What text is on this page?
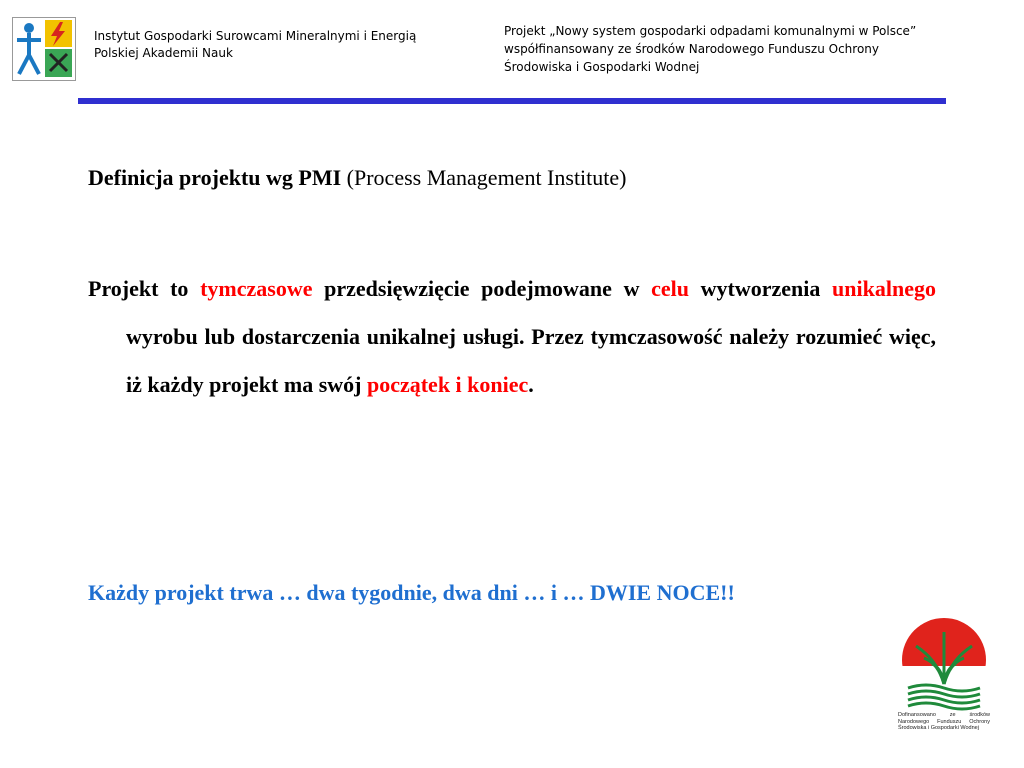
Instytut Gospodarki Surowcami Mineralnymi i Energią
Polskiej Akademii Nauk
Projekt „Nowy system gospodarki odpadami komunalnymi w Polsce”
współfinansowany ze środków Narodowego Funduszu Ochrony
Środowiska i Gospodarki Wodnej
Definicja projektu wg PMI (Process Management Institute)
Projekt to tymczasowe przedsięwzięcie podejmowane w celu wytworzenia unikalnego wyrobu lub dostarczenia unikalnej usługi. Przez tymczasowość należy rozumieć więc, iż każdy projekt ma swój początek i koniec.
Każdy projekt trwa … dwa tygodnie, dwa dni … i … DWIE NOCE!!
Dofinansowano ze środków Narodowego Funduszu Ochrony Środowiska i Gospodarki Wodnej
